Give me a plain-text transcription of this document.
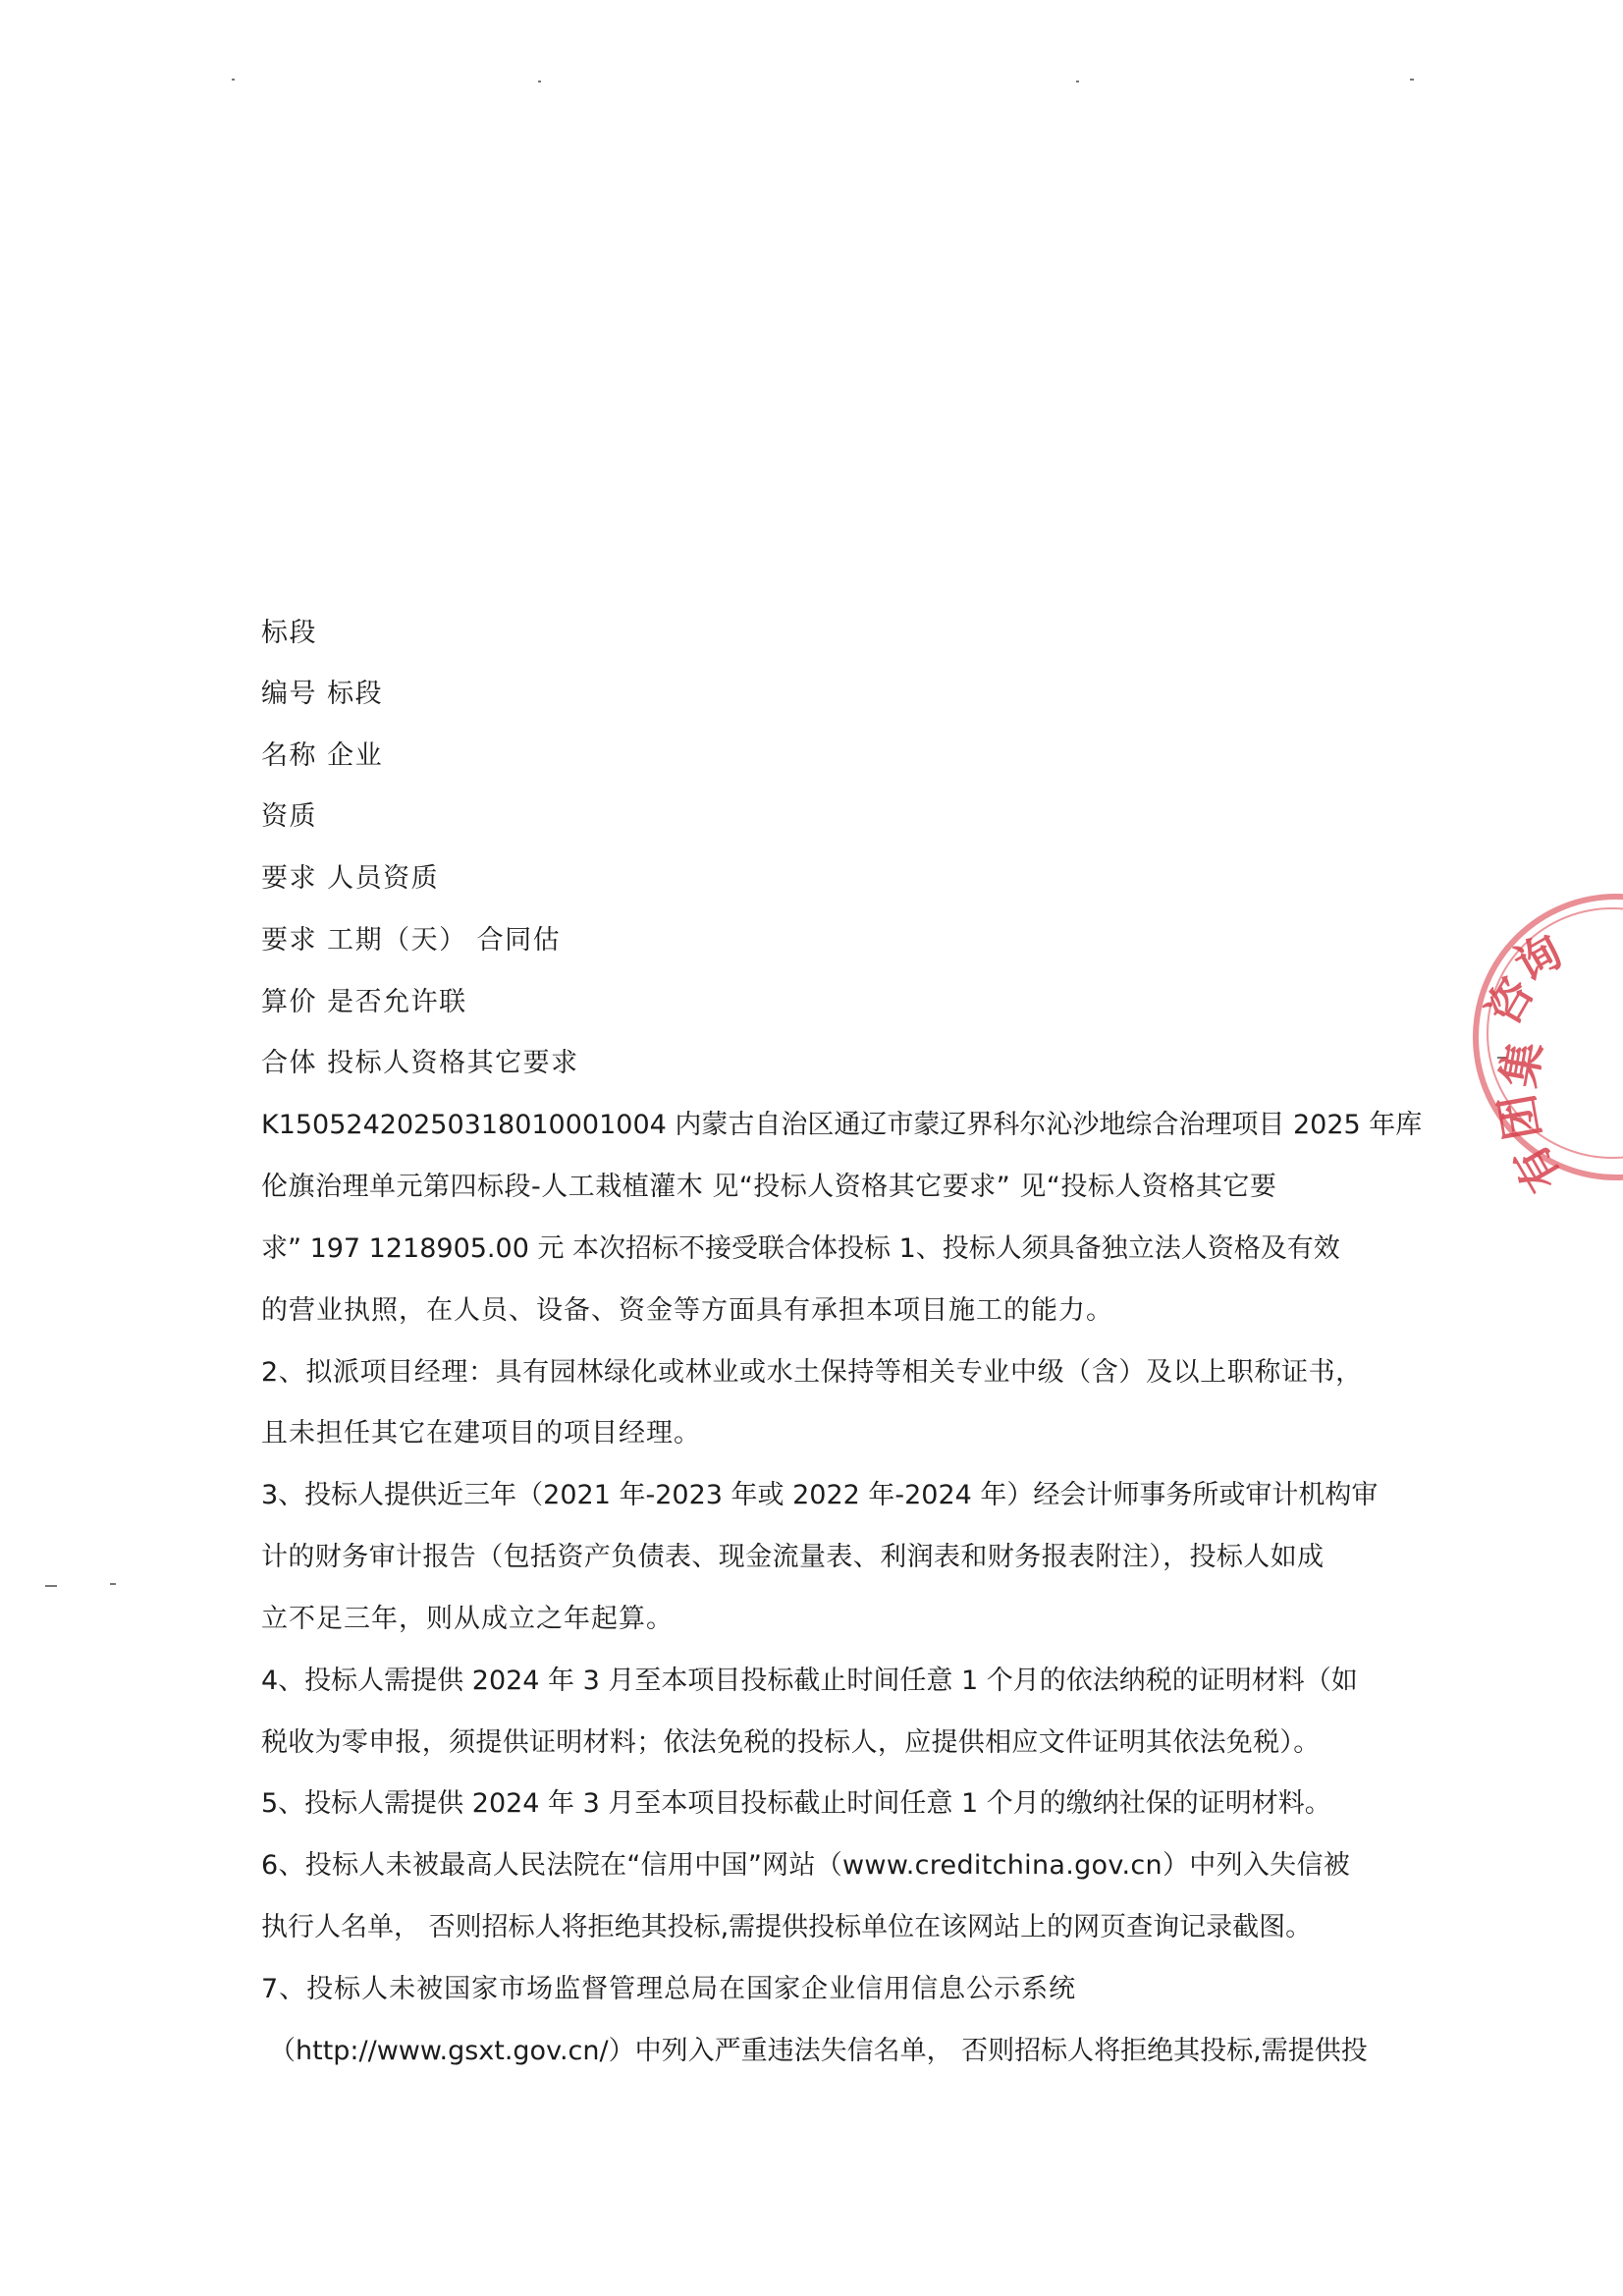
标段
编号 标段
名称 企业
资质
要求 人员资质
要求 工期（天） 合同估
算价 是否允许联
合体 投标人资格其它要求
K15052420250318010001004 内蒙古自治区通辽市蒙辽界科尔沁沙地综合治理项目 2025 年库
伦旗治理单元第四标段-人工栽植灌木 见“投标人资格其它要求” 见“投标人资格其它要
求” 197 1218905.00 元 本次招标不接受联合体投标 1、投标人须具备独立法人资格及有效
的营业执照，在人员、设备、资金等方面具有承担本项目施工的能力。
2、拟派项目经理：具有园林绿化或林业或水土保持等相关专业中级（含）及以上职称证书，
且未担任其它在建项目的项目经理。
3、投标人提供近三年（2021 年-2023 年或 2022 年-2024 年）经会计师事务所或审计机构审
计的财务审计报告（包括资产负债表、现金流量表、利润表和财务报表附注），投标人如成
立不足三年，则从成立之年起算。
4、投标人需提供 2024 年 3 月至本项目投标截止时间任意 1 个月的依法纳税的证明材料（如
税收为零申报，须提供证明材料；依法免税的投标人，应提供相应文件证明其依法免税）。
5、投标人需提供 2024 年 3 月至本项目投标截止时间任意 1 个月的缴纳社保的证明材料。
6、投标人未被最高人民法院在“信用中国”网站（www.creditchina.gov.cn）中列入失信被
执行人名单， 否则招标人将拒绝其投标,需提供投标单位在该网站上的网页查询记录截图。
7、投标人未被国家市场监督管理总局在国家企业信用信息公示系统
（http://www.gsxt.gov.cn/）中列入严重违法失信名单， 否则招标人将拒绝其投标,需提供投
咨
询
集
团
有
